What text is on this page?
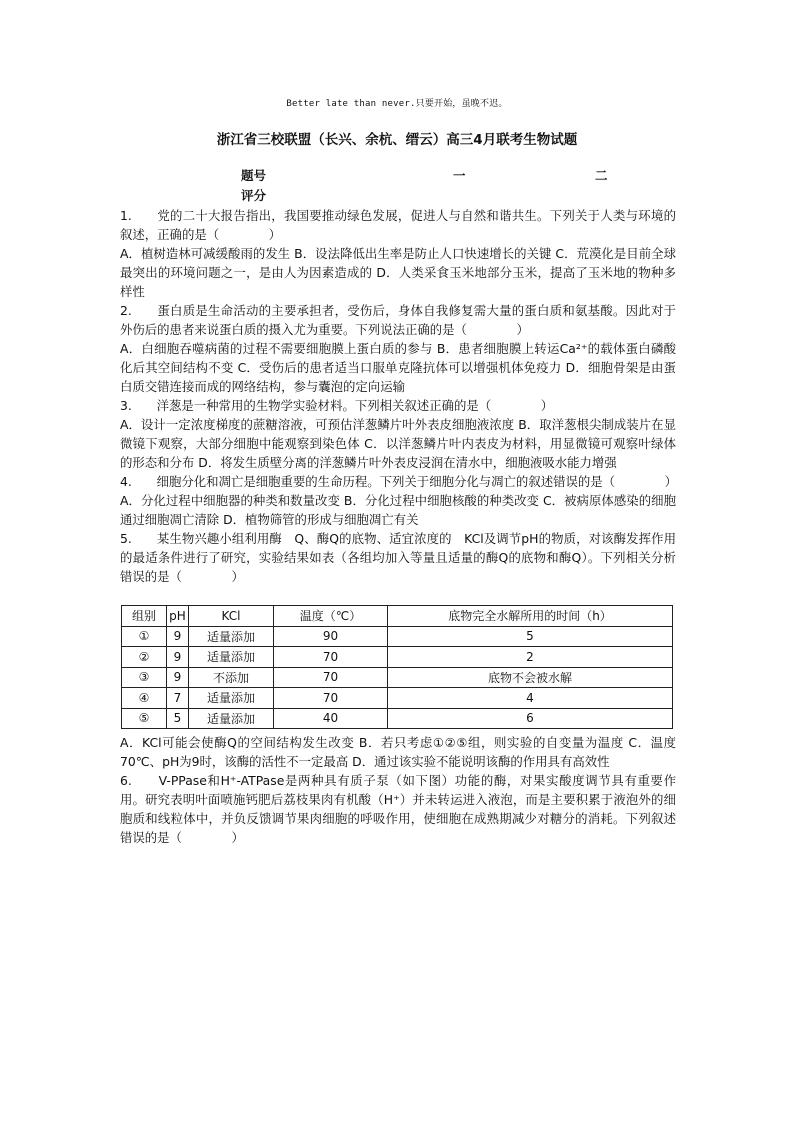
Better late than never.只要开始，虽晚不迟。
浙江省三校联盟（长兴、余杭、缙云）高三4月联考生物试题
题号	一	二
评分

1.　　党的二十大报告指出，我国要推动绿色发展，促进人与自然和谐共生。下列关于人类与环境的叙述，正确的是（　　　　）

A．植树造林可减缓酸雨的发生 B．设法降低出生率是防止人口快速增长的关键 C．荒漠化是目前全球最突出的环境问题之一，是由人为因素造成的 D．人类采食玉米地部分玉米，提高了玉米地的物种多样性

2.　　蛋白质是生命活动的主要承担者，受伤后，身体自我修复需大量的蛋白质和氨基酸。因此对于外伤后的患者来说蛋白质的摄入尤为重要。下列说法正确的是（　　　　）

A．白细胞吞噬病菌的过程不需要细胞膜上蛋白质的参与 B．患者细胞膜上转运Ca²⁺的载体蛋白磷酸化后其空间结构不变 C．受伤后的患者适当口服单克隆抗体可以增强机体免疫力 D．细胞骨架是由蛋白质交错连接而成的网络结构，参与囊泡的定向运输

3.　　洋葱是一种常用的生物学实验材料。下列相关叙述正确的是（　　　　）

A．设计一定浓度梯度的蔗糖溶液，可预估洋葱鳞片叶外表皮细胞液浓度 B．取洋葱根尖制成装片在显微镜下观察，大部分细胞中能观察到染色体 C．以洋葱鳞片叶内表皮为材料，用显微镜可观察叶绿体的形态和分布 D．将发生质壁分离的洋葱鳞片叶外表皮浸润在清水中，细胞液吸水能力增强

4.　　细胞分化和凋亡是细胞重要的生命历程。下列关于细胞分化与凋亡的叙述错误的是（　　　　）

A．分化过程中细胞器的种类和数量改变 B．分化过程中细胞核酸的种类改变 C．被病原体感染的细胞通过细胞凋亡清除 D．植物筛管的形成与细胞凋亡有关

5.　　某生物兴趣小组利用酶　Q、酶Q的底物、适宜浓度的　KCl及调节pH的物质，对该酶发挥作用的最适条件进行了研究，实验结果如表（各组均加入等量且适量的酶Q的底物和酶Q）。下列相关分析错误的是（　　　　）

组别	pH	KCl	温度（℃）	底物完全水解所用的时间（h）
①	9	适量添加	90	5
②	9	适量添加	70	2
③	9	不添加	70	底物不会被水解
④	7	适量添加	70	4
⑤	5	适量添加	40	6

A．KCl可能会使酶Q的空间结构发生改变 B．若只考虑①②⑤组，则实验的自变量为温度 C．温度70℃、pH为9时，该酶的活性不一定最高 D．通过该实验不能说明该酶的作用具有高效性

6.　　V-PPase和H⁺-ATPase是两种具有质子泵（如下图）功能的酶，对果实酸度调节具有重要作用。研究表明叶面喷施钙肥后荔枝果肉有机酸（H⁺）并未转运进入液泡，而是主要积累于液泡外的细胞质和线粒体中，并负反馈调节果肉细胞的呼吸作用，使细胞在成熟期减少对糖分的消耗。下列叙述错误的是（　　　　）
